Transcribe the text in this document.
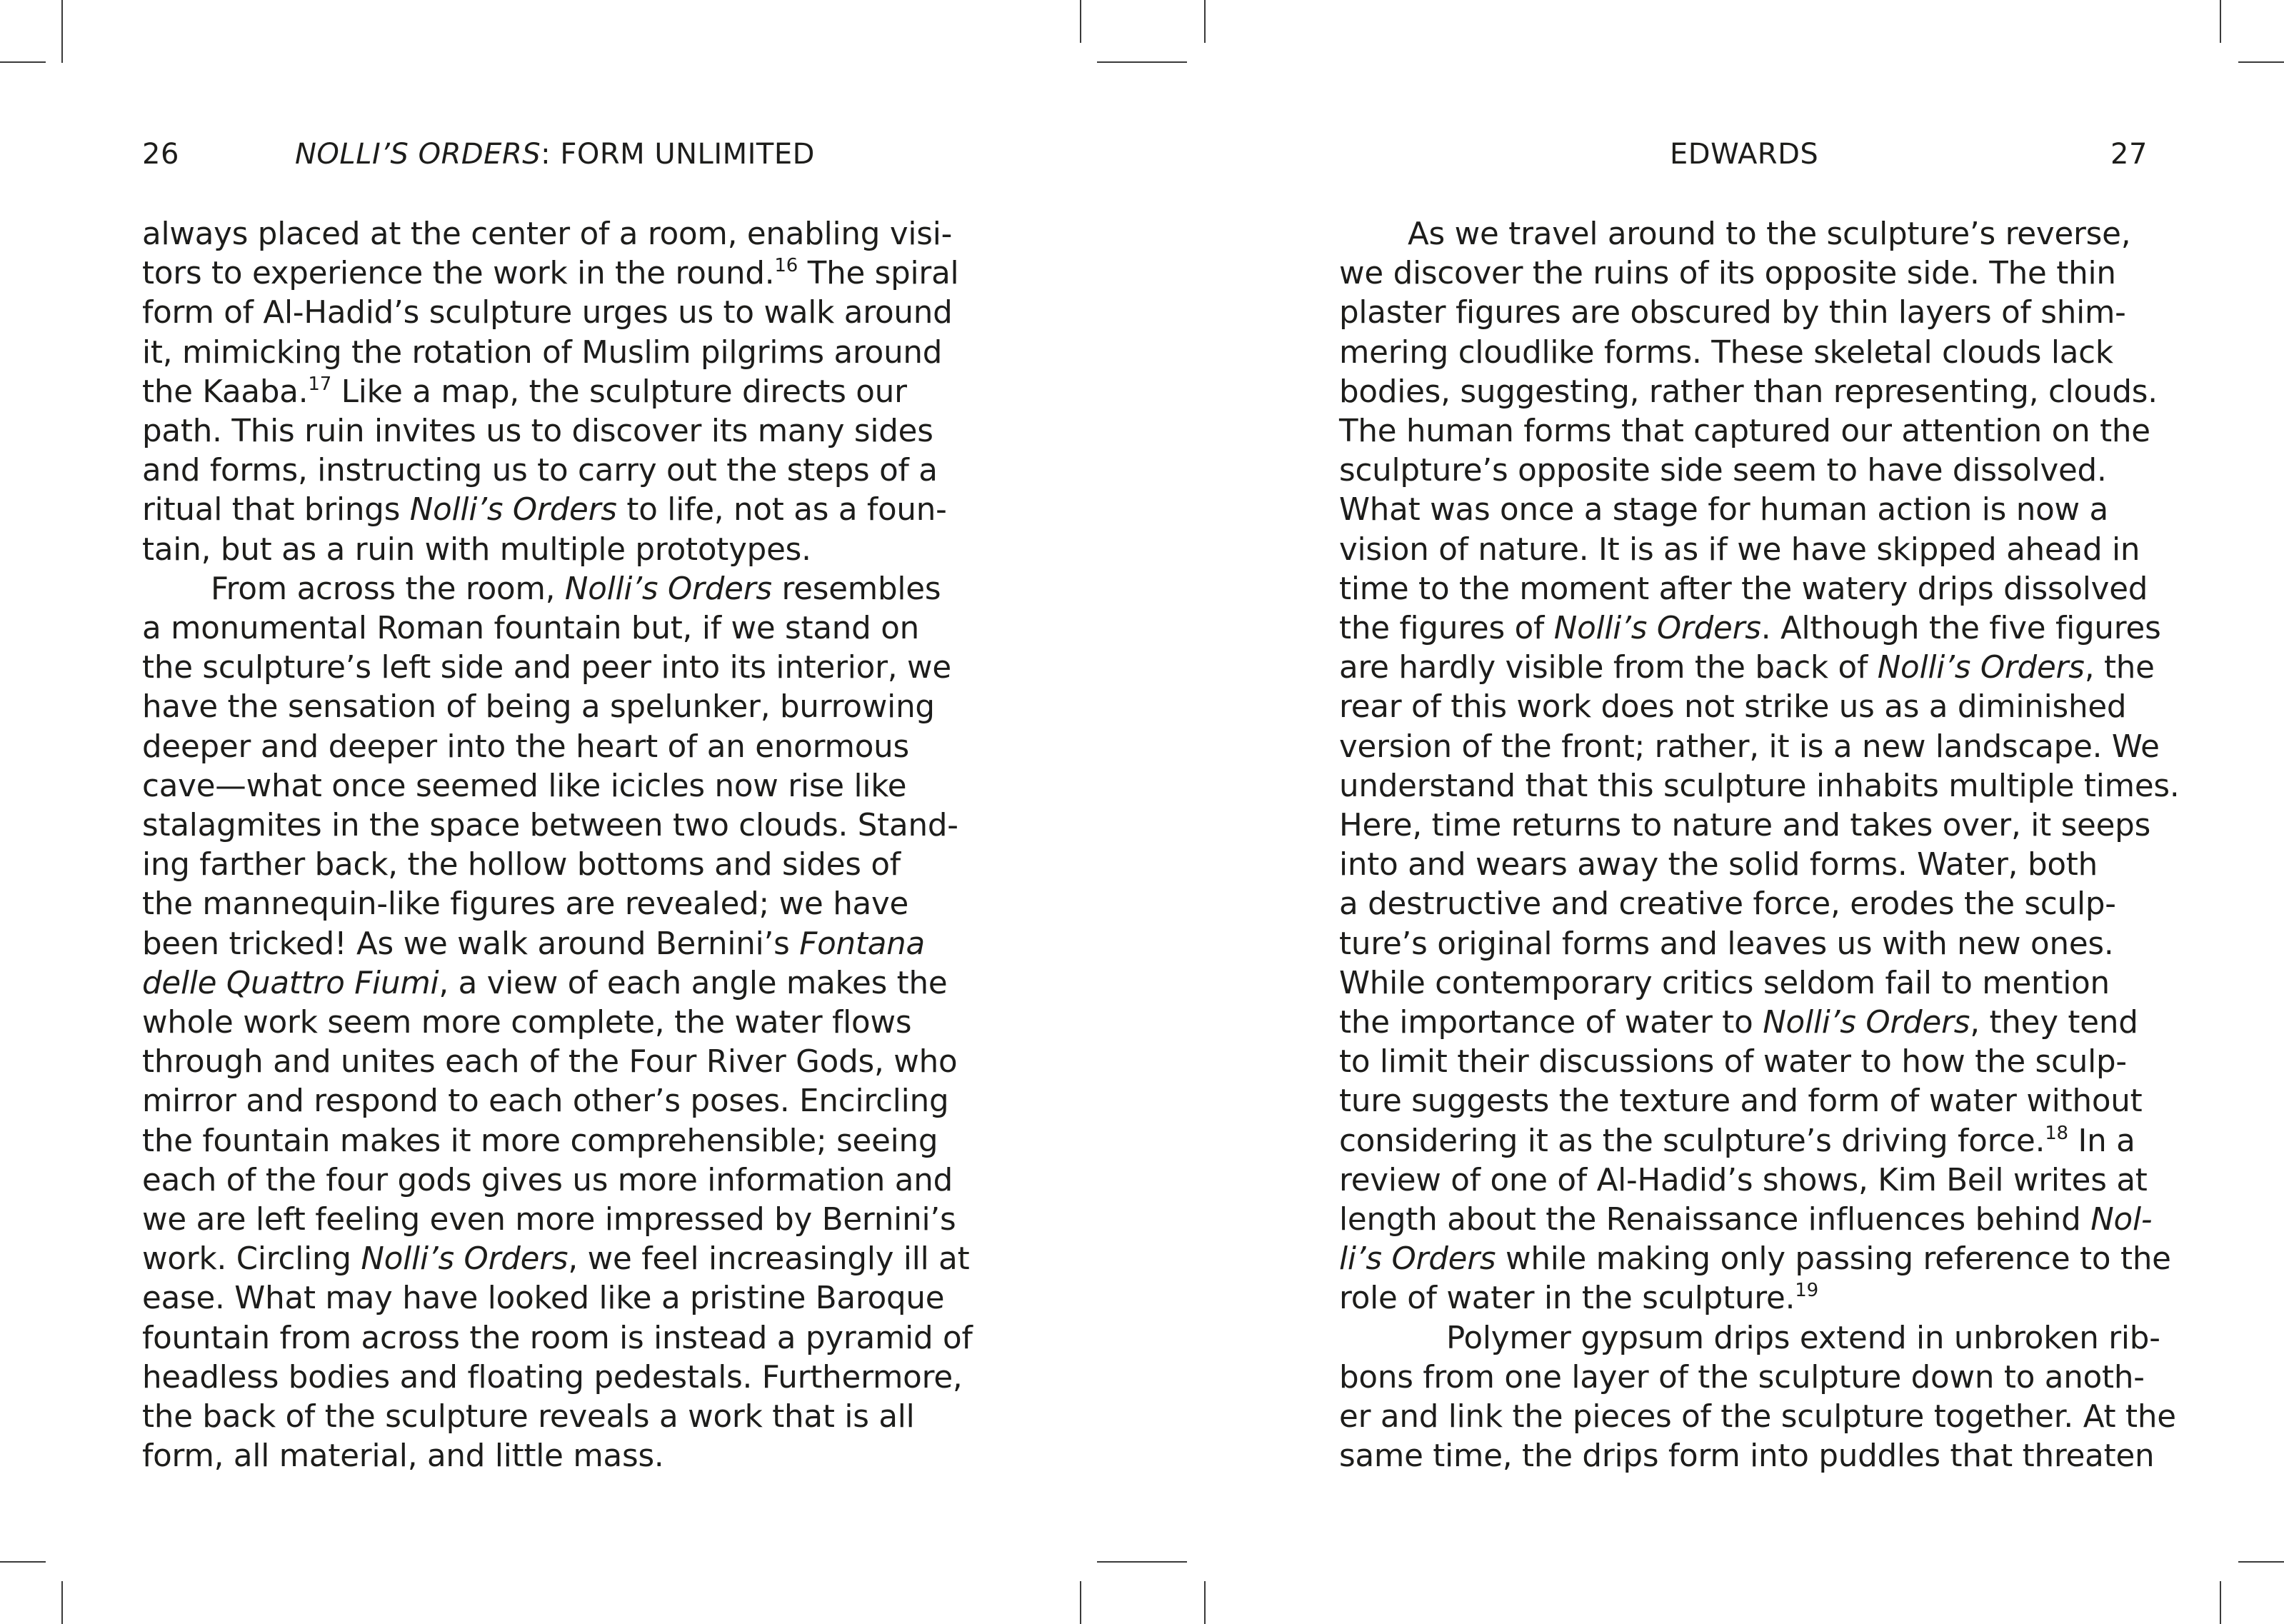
26	NOLLI’S ORDERS: FORM UNLIMITED	EDWARDS	27

always placed at the center of a room, enabling visi-
tors to experience the work in the round.$^{16}$ The spiral
form of Al-Hadid’s sculpture urges us to walk around
it, mimicking the rotation of Muslim pilgrims around
the Kaaba.$^{17}$ Like a map, the sculpture directs our
path. This ruin invites us to discover its many sides
and forms, instructing us to carry out the steps of a
ritual that brings Nolli’s Orders to life, not as a foun-
tain, but as a ruin with multiple prototypes.

From across the room, Nolli’s Orders resembles
a monumental Roman fountain but, if we stand on
the sculpture’s left side and peer into its interior, we
have the sensation of being a spelunker, burrowing
deeper and deeper into the heart of an enormous
cave—what once seemed like icicles now rise like
stalagmites in the space between two clouds. Stand-
ing farther back, the hollow bottoms and sides of
the mannequin-like figures are revealed; we have
been tricked! As we walk around Bernini’s Fontana
delle Quattro Fiumi, a view of each angle makes the
whole work seem more complete, the water flows
through and unites each of the Four River Gods, who
mirror and respond to each other’s poses. Encircling
the fountain makes it more comprehensible; seeing
each of the four gods gives us more information and
we are left feeling even more impressed by Bernini’s
work. Circling Nolli’s Orders, we feel increasingly ill at
ease. What may have looked like a pristine Baroque
fountain from across the room is instead a pyramid of
headless bodies and floating pedestals. Furthermore,
the back of the sculpture reveals a work that is all
form, all material, and little mass.

As we travel around to the sculpture’s reverse,
we discover the ruins of its opposite side. The thin
plaster figures are obscured by thin layers of shim-
mering cloudlike forms. These skeletal clouds lack
bodies, suggesting, rather than representing, clouds.
The human forms that captured our attention on the
sculpture’s opposite side seem to have dissolved.
What was once a stage for human action is now a
vision of nature. It is as if we have skipped ahead in
time to the moment after the watery drips dissolved
the figures of Nolli’s Orders. Although the five figures
are hardly visible from the back of Nolli’s Orders, the
rear of this work does not strike us as a diminished
version of the front; rather, it is a new landscape. We
understand that this sculpture inhabits multiple times.
Here, time returns to nature and takes over, it seeps
into and wears away the solid forms. Water, both
a destructive and creative force, erodes the sculp-
ture’s original forms and leaves us with new ones.
While contemporary critics seldom fail to mention
the importance of water to Nolli’s Orders, they tend
to limit their discussions of water to how the sculp-
ture suggests the texture and form of water without
considering it as the sculpture’s driving force.$^{18}$ In a
review of one of Al-Hadid’s shows, Kim Beil writes at
length about the Renaissance influences behind Nol-
li’s Orders while making only passing reference to the
role of water in the sculpture.$^{19}$

Polymer gypsum drips extend in unbroken rib-
bons from one layer of the sculpture down to anoth-
er and link the pieces of the sculpture together. At the
same time, the drips form into puddles that threaten
